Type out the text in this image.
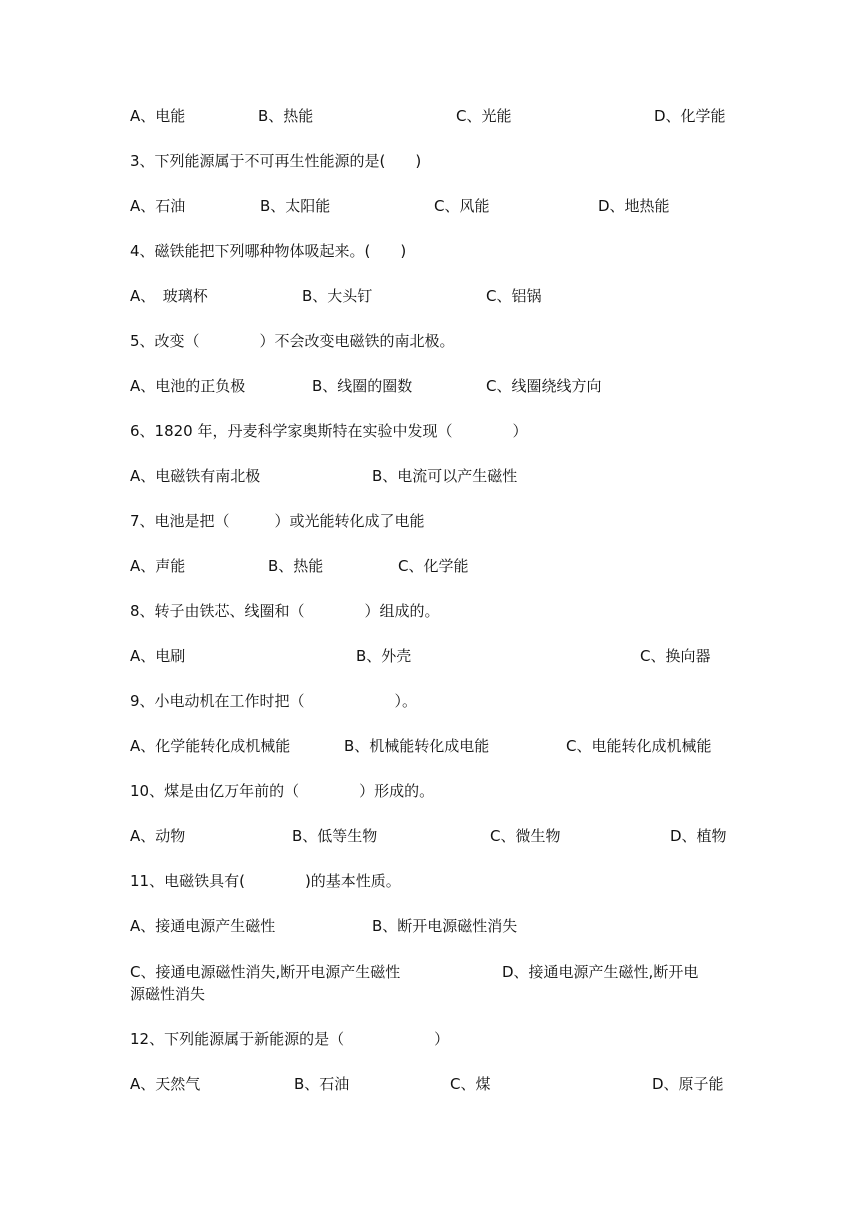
A、电能	B、热能	C、光能	D、化学能
3、下列能源属于不可再生性能源的是(　　)
A、石油	B、太阳能	C、风能	D、地热能
4、磁铁能把下列哪种物体吸起来。(　　)
A、　玻璃杯	B、大头钉	C、铝锅
5、改变（　　　　）不会改变电磁铁的南北极。
A、电池的正负极	B、线圈的圈数	C、线圈绕线方向
6、1820 年，丹麦科学家奥斯特在实验中发现（　　　　）
A、电磁铁有南北极	B、电流可以产生磁性
7、电池是把（　　　）或光能转化成了电能
A、声能	B、热能	C、化学能
8、转子由铁芯、线圈和（　　　　）组成的。
A、电刷	B、外壳	C、换向器
9、小电动机在工作时把（　　　　　　）。
A、化学能转化成机械能	B、机械能转化成电能	C、电能转化成机械能
10、煤是由亿万年前的（　　　　）形成的。
A、动物	B、低等生物	C、微生物	D、植物
11、电磁铁具有(　　　　)的基本性质。
A、接通电源产生磁性	B、断开电源磁性消失
C、接通电源磁性消失,断开电源产生磁性	D、接通电源产生磁性,断开电
源磁性消失
12、下列能源属于新能源的是（　　　　　　）
A、天然气	B、石油	C、煤	D、原子能
